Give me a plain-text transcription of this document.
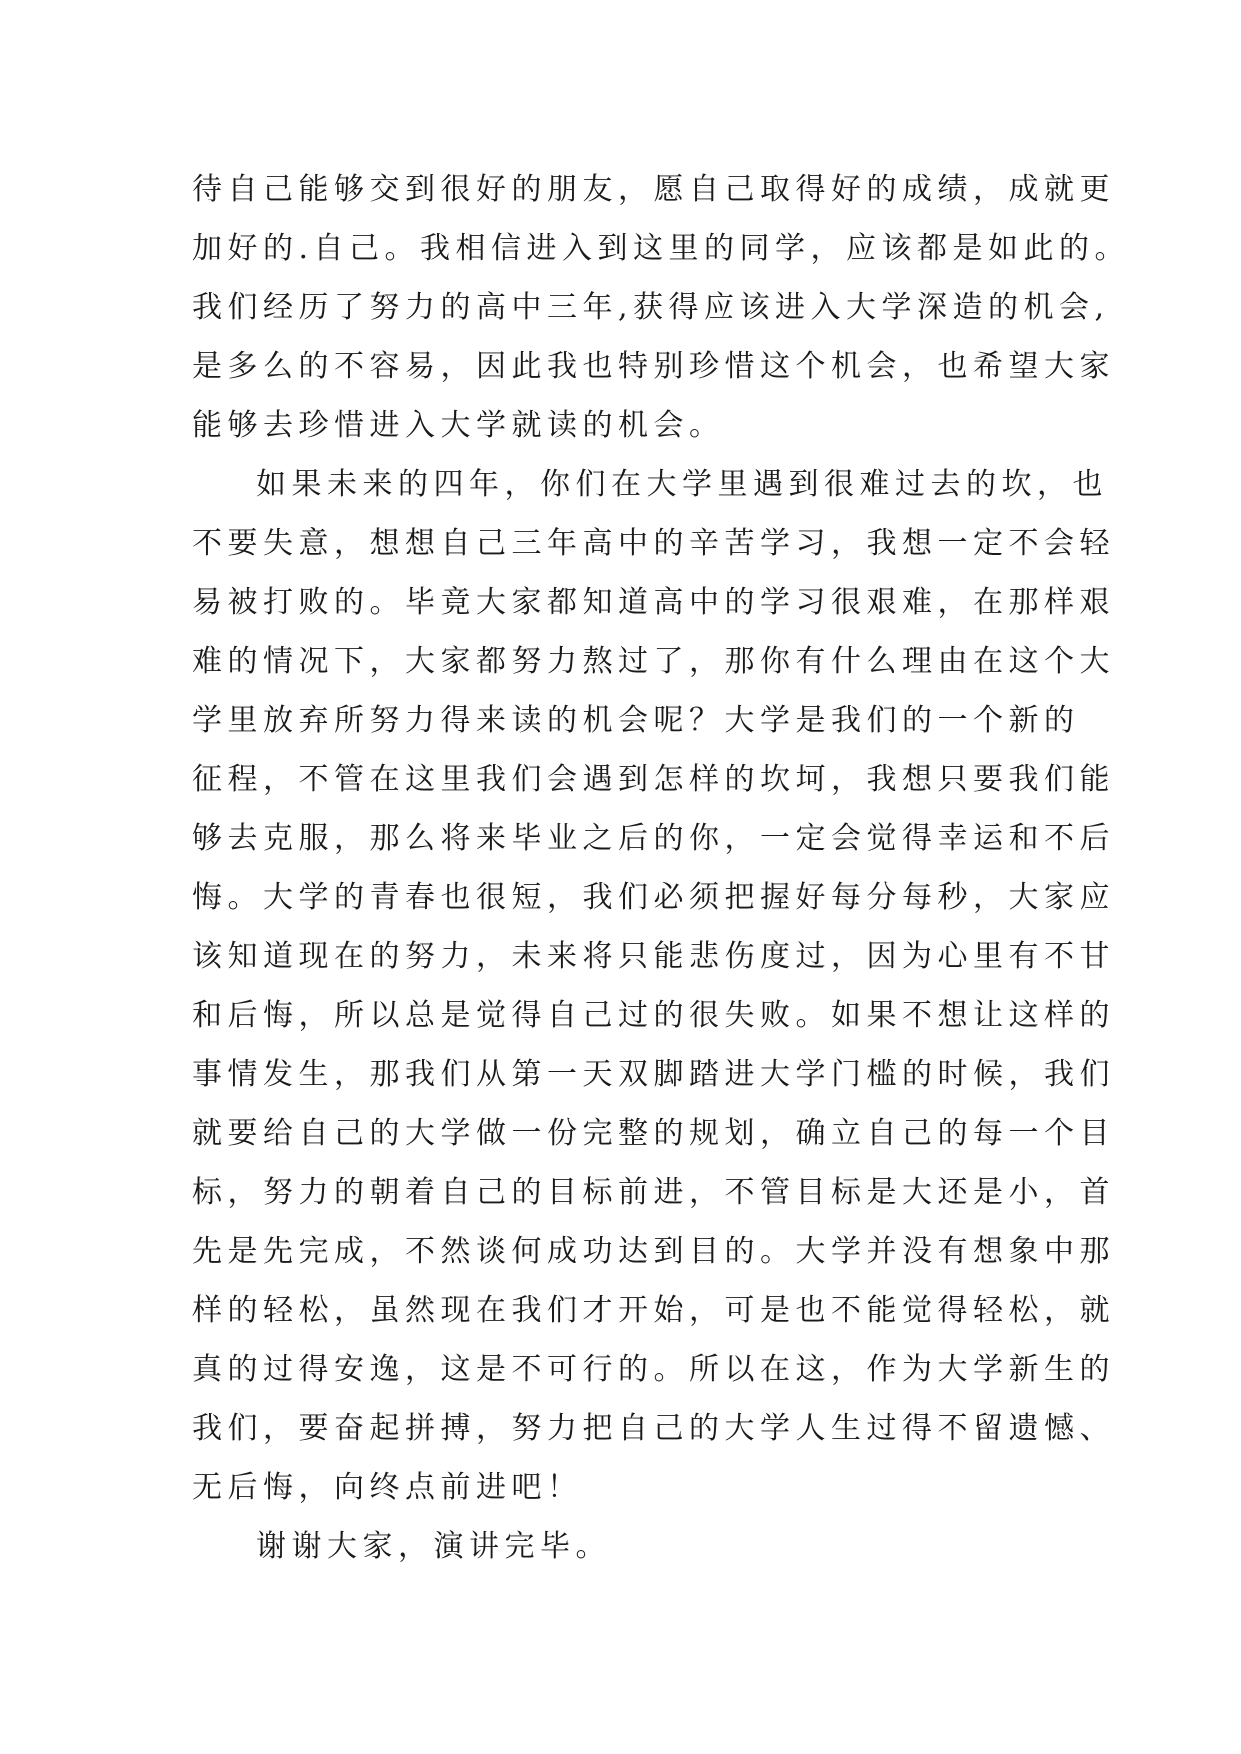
待自己能够交到很好的朋友，愿自己取得好的成绩，成就更
加好的.自己。我相信进入到这里的同学，应该都是如此的。
我们经历了努力的高中三年,获得应该进入大学深造的机会,
是多么的不容易，因此我也特别珍惜这个机会，也希望大家
能够去珍惜进入大学就读的机会。
如果未来的四年，你们在大学里遇到很难过去的坎，也
不要失意，想想自己三年高中的辛苦学习，我想一定不会轻
易被打败的。毕竟大家都知道高中的学习很艰难，在那样艰
难的情况下，大家都努力熬过了，那你有什么理由在这个大
学里放弃所努力得来读的机会呢？大学是我们的一个新的
征程，不管在这里我们会遇到怎样的坎坷，我想只要我们能
够去克服，那么将来毕业之后的你，一定会觉得幸运和不后
悔。大学的青春也很短，我们必须把握好每分每秒，大家应
该知道现在的努力，未来将只能悲伤度过，因为心里有不甘
和后悔，所以总是觉得自己过的很失败。如果不想让这样的
事情发生，那我们从第一天双脚踏进大学门槛的时候，我们
就要给自己的大学做一份完整的规划，确立自己的每一个目
标，努力的朝着自己的目标前进，不管目标是大还是小，首
先是先完成，不然谈何成功达到目的。大学并没有想象中那
样的轻松，虽然现在我们才开始，可是也不能觉得轻松，就
真的过得安逸，这是不可行的。所以在这，作为大学新生的
我们，要奋起拼搏，努力把自己的大学人生过得不留遗憾、
无后悔，向终点前进吧！
谢谢大家，演讲完毕。
